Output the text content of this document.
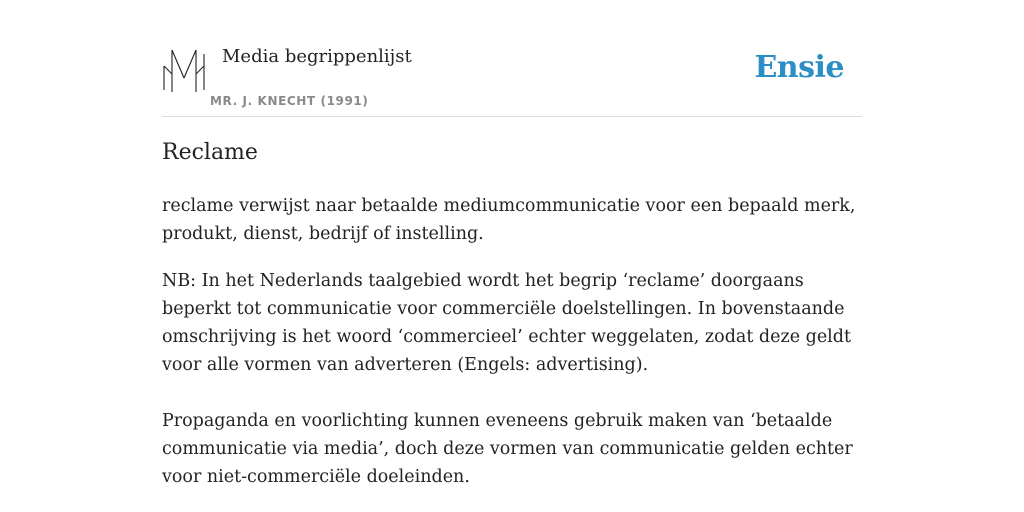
Media begrippenlijst
MR. J. KNECHT (1991)
Ensie
Reclame

reclame verwijst naar betaalde mediumcommunicatie voor een bepaald merk, produkt, dienst, bedrijf of instelling.

NB: In het Nederlands taalgebied wordt het begrip ‘reclame’ doorgaans beperkt tot communicatie voor commerciële doelstellingen. In bovenstaande omschrijving is het woord ‘commercieel’ echter weggelaten, zodat deze geldt voor alle vormen van adverteren (Engels: advertising).

Propaganda en voorlichting kunnen eveneens gebruik maken van ‘betaalde communicatie via media’, doch deze vormen van communicatie gelden echter voor niet-commerciële doeleinden.
